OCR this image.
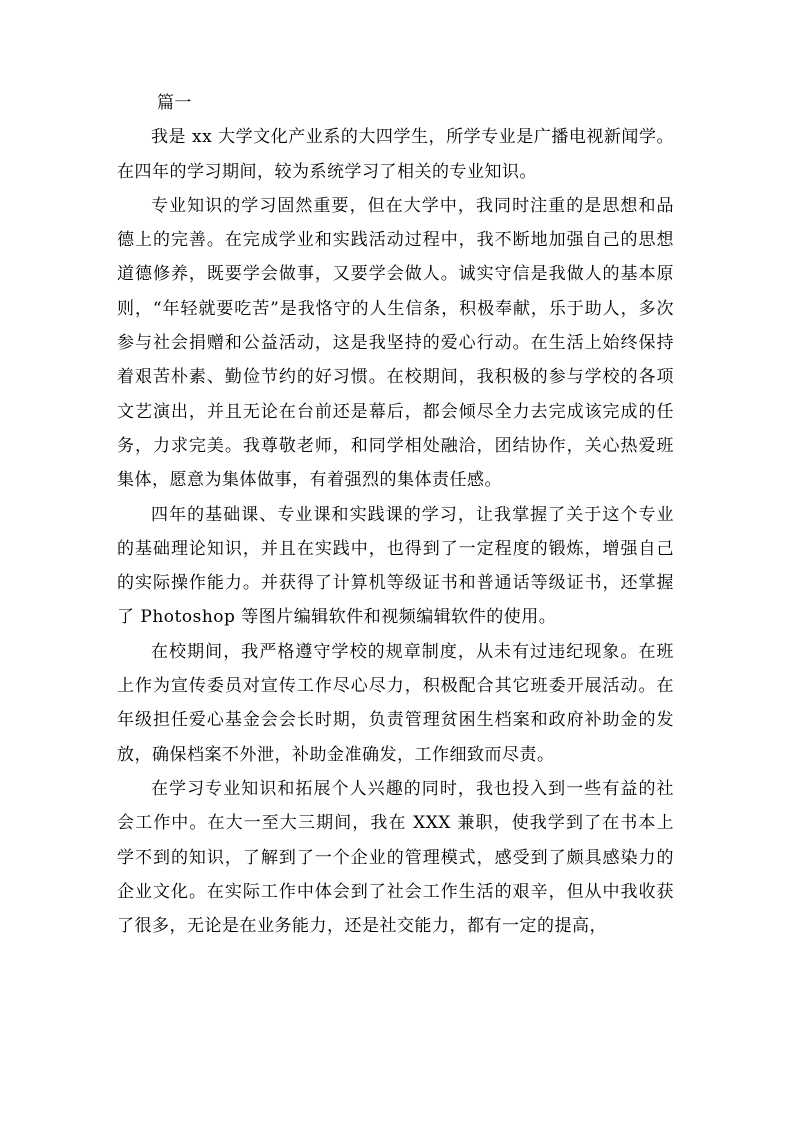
篇一

我是 xx 大学文化产业系的大四学生，所学专业是广播电视新闻学。在四年的学习期间，较为系统学习了相关的专业知识。

专业知识的学习固然重要，但在大学中，我同时注重的是思想和品德上的完善。在完成学业和实践活动过程中，我不断地加强自己的思想道德修养，既要学会做事，又要学会做人。诚实守信是我做人的基本原则，“年轻就要吃苦”是我恪守的人生信条，积极奉献，乐于助人，多次参与社会捐赠和公益活动，这是我坚持的爱心行动。在生活上始终保持着艰苦朴素、勤俭节约的好习惯。在校期间，我积极的参与学校的各项文艺演出，并且无论在台前还是幕后，都会倾尽全力去完成该完成的任务，力求完美。我尊敬老师，和同学相处融洽，团结协作，关心热爱班集体，愿意为集体做事，有着强烈的集体责任感。

四年的基础课、专业课和实践课的学习，让我掌握了关于这个专业的基础理论知识，并且在实践中，也得到了一定程度的锻炼，增强自己的实际操作能力。并获得了计算机等级证书和普通话等级证书，还掌握了 Photoshop 等图片编辑软件和视频编辑软件的使用。

在校期间，我严格遵守学校的规章制度，从未有过违纪现象。在班上作为宣传委员对宣传工作尽心尽力，积极配合其它班委开展活动。在年级担任爱心基金会会长时期，负责管理贫困生档案和政府补助金的发放，确保档案不外泄，补助金准确发，工作细致而尽责。

在学习专业知识和拓展个人兴趣的同时，我也投入到一些有益的社会工作中。在大一至大三期间，我在 XXX 兼职，使我学到了在书本上学不到的知识，了解到了一个企业的管理模式，感受到了颇具感染力的企业文化。在实际工作中体会到了社会工作生活的艰辛，但从中我收获了很多，无论是在业务能力，还是社交能力，都有一定的提高，
